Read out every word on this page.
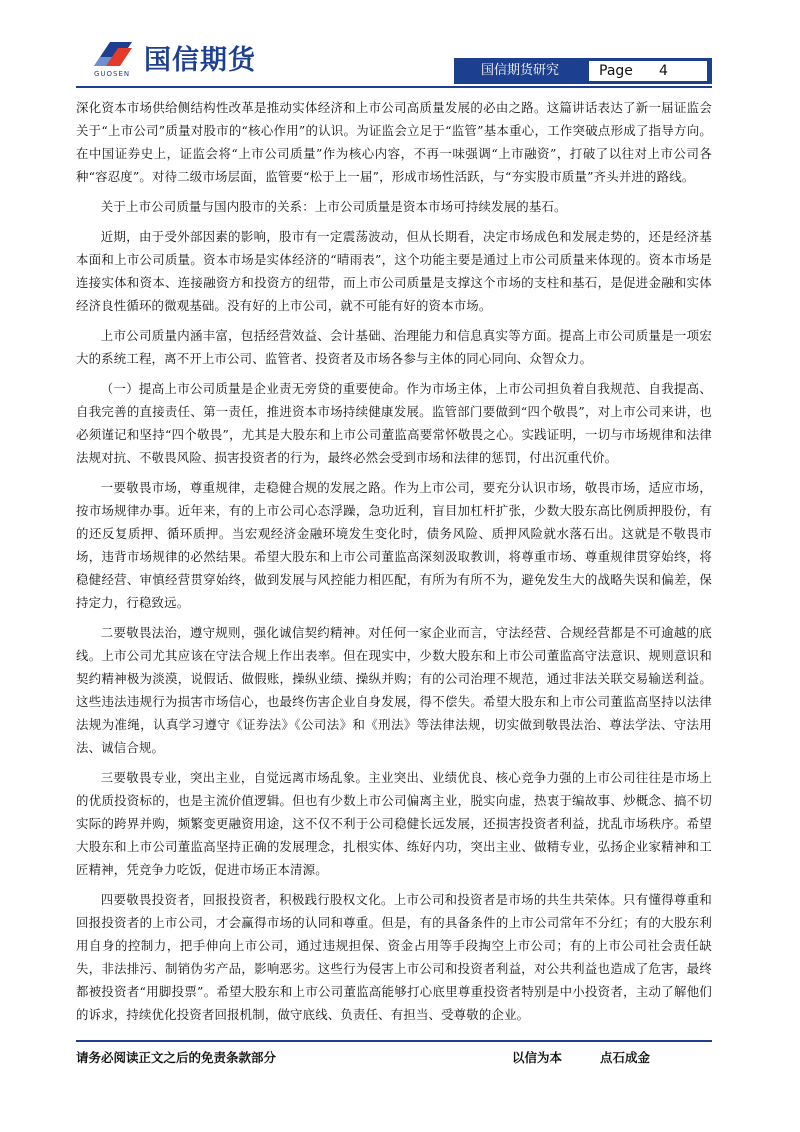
国信期货
GUOSEN	国信期货研究	Page 4

深化资本市场供给侧结构性改革是推动实体经济和上市公司高质量发展的必由之路。这篇讲话表达了新一届证监会关于“上市公司”质量对股市的“核心作用”的认识。为证监会立足于“监管”基本重心，工作突破点形成了指导方向。在中国证券史上，证监会将“上市公司质量”作为核心内容，不再一味强调“上市融资”，打破了以往对上市公司各种“容忍度”。对待二级市场层面，监管要“松于上一届”，形成市场性活跃，与“夯实股市质量”齐头并进的路线。

关于上市公司质量与国内股市的关系：上市公司质量是资本市场可持续发展的基石。

近期，由于受外部因素的影响，股市有一定震荡波动，但从长期看，决定市场成色和发展走势的，还是经济基本面和上市公司质量。资本市场是实体经济的“晴雨表”，这个功能主要是通过上市公司质量来体现的。资本市场是连接实体和资本、连接融资方和投资方的纽带，而上市公司质量是支撑这个市场的支柱和基石，是促进金融和实体经济良性循环的微观基础。没有好的上市公司，就不可能有好的资本市场。

上市公司质量内涵丰富，包括经营效益、会计基础、治理能力和信息真实等方面。提高上市公司质量是一项宏大的系统工程，离不开上市公司、监管者、投资者及市场各参与主体的同心同向、众智众力。

（一）提高上市公司质量是企业责无旁贷的重要使命。作为市场主体，上市公司担负着自我规范、自我提高、自我完善的直接责任、第一责任，推进资本市场持续健康发展。监管部门要做到“四个敬畏”，对上市公司来讲，也必须谨记和坚持“四个敬畏”，尤其是大股东和上市公司董监高要常怀敬畏之心。实践证明，一切与市场规律和法律法规对抗、不敬畏风险、损害投资者的行为，最终必然会受到市场和法律的惩罚，付出沉重代价。

一要敬畏市场，尊重规律，走稳健合规的发展之路。作为上市公司，要充分认识市场，敬畏市场，适应市场，按市场规律办事。近年来，有的上市公司心态浮躁，急功近利，盲目加杠杆扩张，少数大股东高比例质押股份，有的还反复质押、循环质押。当宏观经济金融环境发生变化时，债务风险、质押风险就水落石出。这就是不敬畏市场，违背市场规律的必然结果。希望大股东和上市公司董监高深刻汲取教训，将尊重市场、尊重规律贯穿始终，将稳健经营、审慎经营贯穿始终，做到发展与风控能力相匹配，有所为有所不为，避免发生大的战略失误和偏差，保持定力，行稳致远。

二要敬畏法治，遵守规则，强化诚信契约精神。对任何一家企业而言，守法经营、合规经营都是不可逾越的底线。上市公司尤其应该在守法合规上作出表率。但在现实中，少数大股东和上市公司董监高守法意识、规则意识和契约精神极为淡漠，说假话、做假账，操纵业绩、操纵并购；有的公司治理不规范，通过非法关联交易输送利益。这些违法违规行为损害市场信心，也最终伤害企业自身发展，得不偿失。希望大股东和上市公司董监高坚持以法律法规为准绳，认真学习遵守《证券法》《公司法》和《刑法》等法律法规，切实做到敬畏法治、尊法学法、守法用法、诚信合规。

三要敬畏专业，突出主业，自觉远离市场乱象。主业突出、业绩优良、核心竞争力强的上市公司往往是市场上的优质投资标的，也是主流价值逻辑。但也有少数上市公司偏离主业，脱实向虚，热衷于编故事、炒概念、搞不切实际的跨界并购，频繁变更融资用途，这不仅不利于公司稳健长远发展，还损害投资者利益，扰乱市场秩序。希望大股东和上市公司董监高坚持正确的发展理念，扎根实体、练好内功，突出主业、做精专业，弘扬企业家精神和工匠精神，凭竞争力吃饭，促进市场正本清源。

四要敬畏投资者，回报投资者，积极践行股权文化。上市公司和投资者是市场的共生共荣体。只有懂得尊重和回报投资者的上市公司，才会赢得市场的认同和尊重。但是，有的具备条件的上市公司常年不分红；有的大股东利用自身的控制力，把手伸向上市公司，通过违规担保、资金占用等手段掏空上市公司；有的上市公司社会责任缺失，非法排污、制销伪劣产品，影响恶劣。这些行为侵害上市公司和投资者利益，对公共利益也造成了危害，最终都被投资者“用脚投票”。希望大股东和上市公司董监高能够打心底里尊重投资者特别是中小投资者，主动了解他们的诉求，持续优化投资者回报机制，做守底线、负责任、有担当、受尊敬的企业。

请务必阅读正文之后的免责条款部分	以信为本	点石成金
